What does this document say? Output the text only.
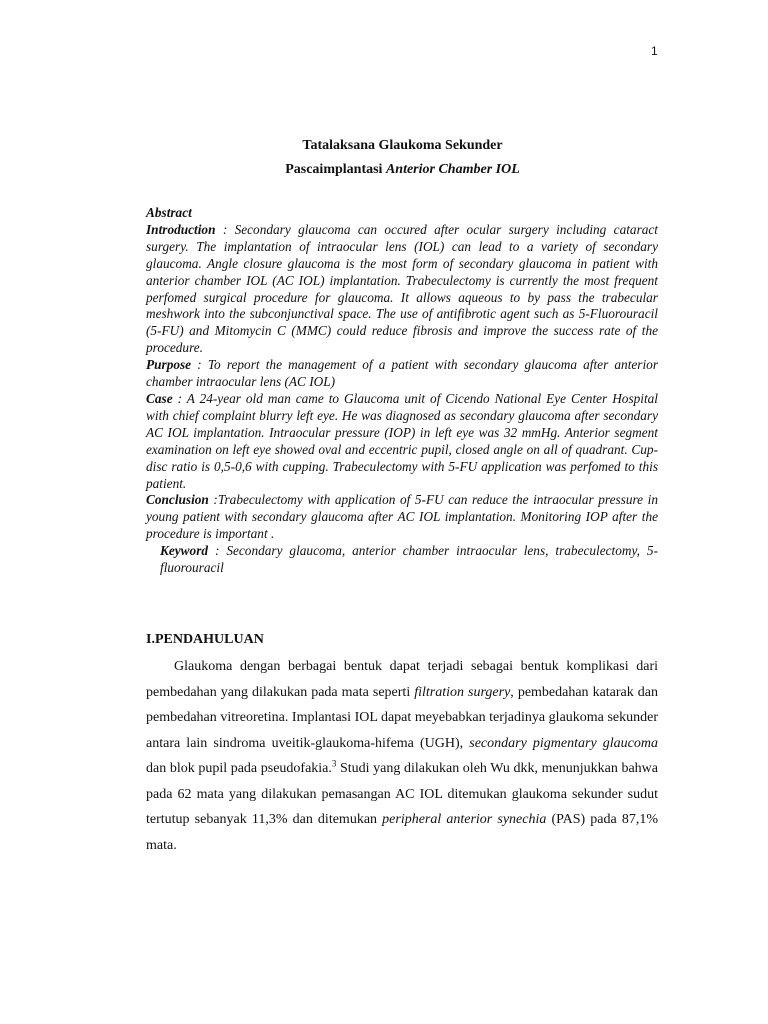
1
Tatalaksana Glaukoma Sekunder
Pascaimplantasi Anterior Chamber IOL

Abstract

Introduction : Secondary glaucoma can occured after ocular surgery including cataract surgery. The implantation of intraocular lens (IOL) can lead to a variety of secondary glaucoma. Angle closure glaucoma is the most form of secondary glaucoma in patient with anterior chamber IOL (AC IOL) implantation. Trabeculectomy is currently the most frequent perfomed surgical procedure for glaucoma. It allows aqueous to by pass the trabecular meshwork into the subconjunctival space. The use of antifibrotic agent such as 5-Fluorouracil (5-FU) and Mitomycin C (MMC) could reduce fibrosis and improve the success rate of the procedure.

Purpose : To report the management of a patient with secondary glaucoma after anterior chamber intraocular lens (AC IOL)

Case : A 24-year old man came to Glaucoma unit of Cicendo National Eye Center Hospital with chief complaint blurry left eye. He was diagnosed as secondary glaucoma after secondary AC IOL implantation. Intraocular pressure (IOP) in left eye was 32 mmHg. Anterior segment examination on left eye showed oval and eccentric pupil, closed angle on all of quadrant. Cup-disc ratio is 0,5-0,6 with cupping. Trabeculectomy with 5-FU application was perfomed to this patient.

Conclusion :Trabeculectomy with application of 5-FU can reduce the intraocular pressure in young patient with secondary glaucoma after AC IOL implantation. Monitoring IOP after the procedure is important .

Keyword : Secondary glaucoma, anterior chamber intraocular lens, trabeculectomy, 5-fluorouracil

I.PENDAHULUAN

Glaukoma dengan berbagai bentuk dapat terjadi sebagai bentuk komplikasi dari pembedahan yang dilakukan pada mata seperti filtration surgery, pembedahan katarak dan pembedahan vitreoretina. Implantasi IOL dapat meyebabkan terjadinya glaukoma sekunder antara lain sindroma uveitik-glaukoma-hifema (UGH), secondary pigmentary glaucoma dan blok pupil pada pseudofakia.$^3$ Studi yang dilakukan oleh Wu dkk, menunjukkan bahwa pada 62 mata yang dilakukan pemasangan AC IOL ditemukan glaukoma sekunder sudut tertutup sebanyak 11,3% dan ditemukan peripheral anterior synechia (PAS) pada 87,1% mata.
